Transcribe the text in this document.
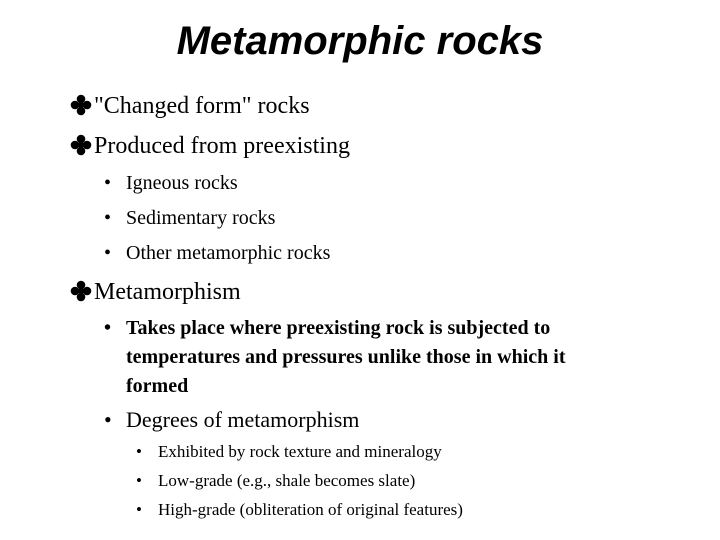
Metamorphic rocks
"Changed form" rocks
Produced from preexisting
• Igneous rocks
• Sedimentary rocks
• Other metamorphic rocks
Metamorphism
• Takes place where preexisting rock is subjected to
temperatures and pressures unlike those in which it
formed
• Degrees of metamorphism
• Exhibited by rock texture and mineralogy
• Low-grade (e.g., shale becomes slate)
• High-grade (obliteration of original features)
